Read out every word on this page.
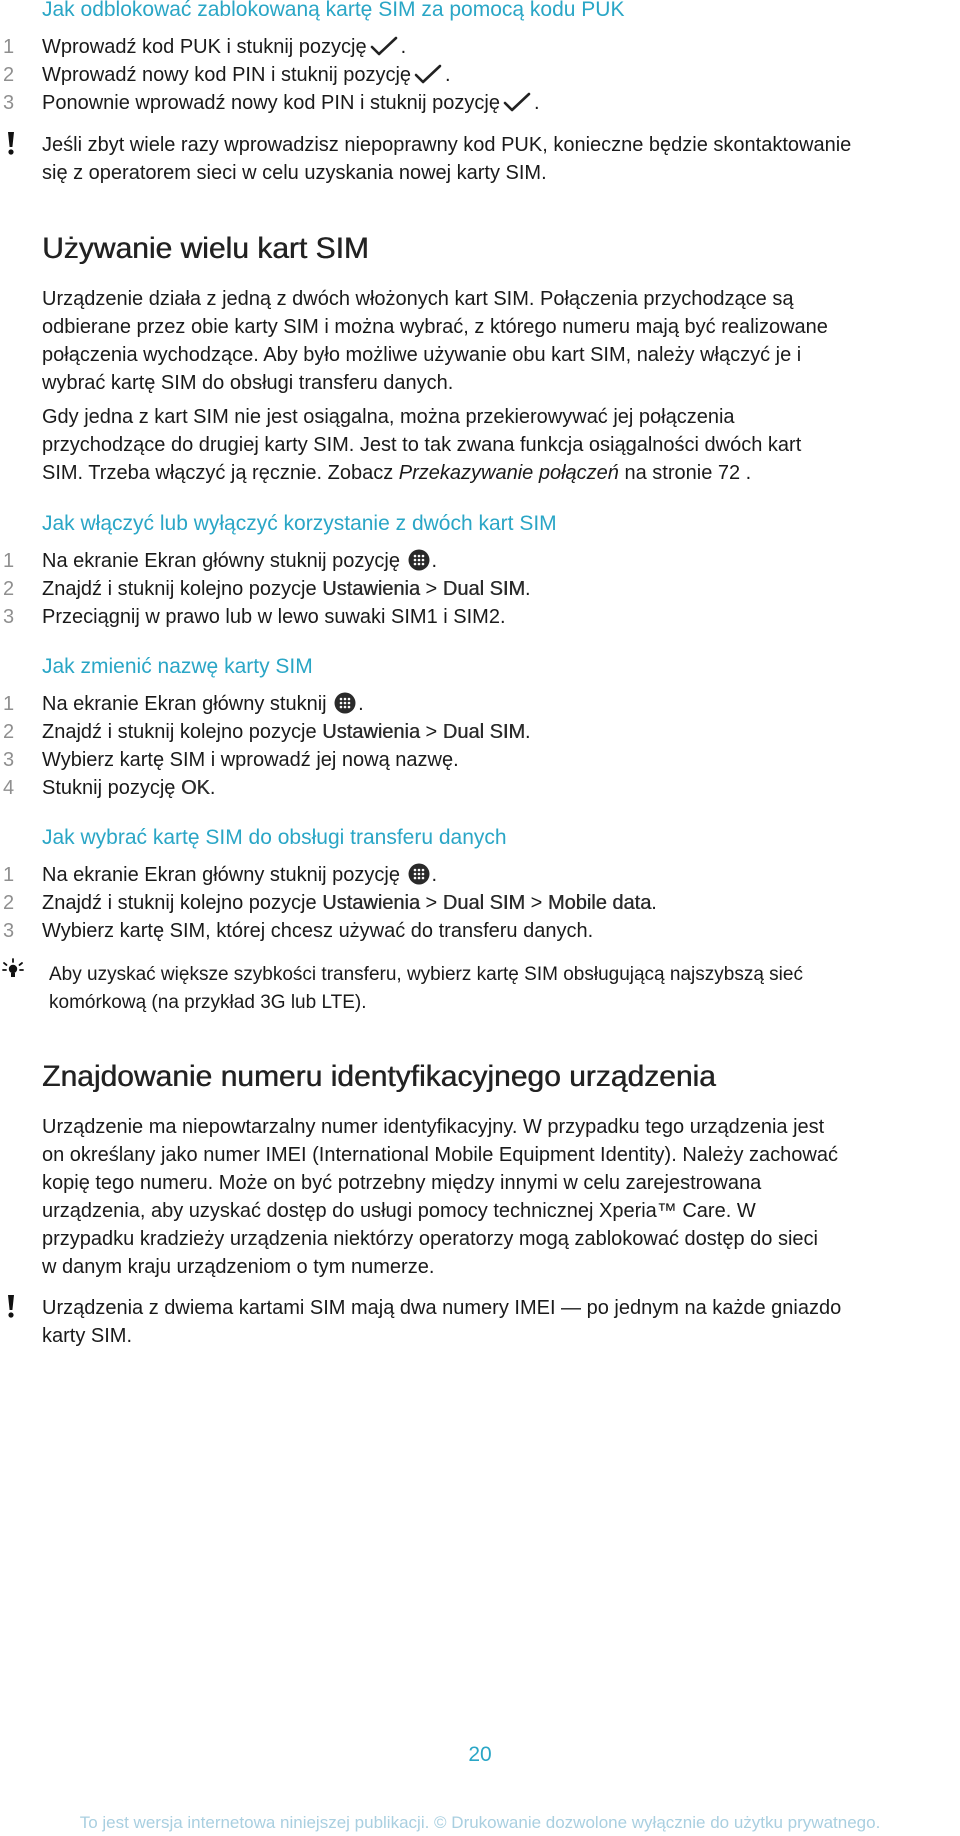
Jak odblokować zablokowaną kartę SIM za pomocą kodu PUK
1 Wprowadź kod PUK i stuknij pozycję .
2 Wprowadź nowy kod PIN i stuknij pozycję .
3 Ponownie wprowadź nowy kod PIN i stuknij pozycję .
Jeśli zbyt wiele razy wprowadzisz niepoprawny kod PUK, konieczne będzie skontaktowanie
się z operatorem sieci w celu uzyskania nowej karty SIM.
Używanie wielu kart SIM
Urządzenie działa z jedną z dwóch włożonych kart SIM. Połączenia przychodzące są
odbierane przez obie karty SIM i można wybrać, z którego numeru mają być realizowane
połączenia wychodzące. Aby było możliwe używanie obu kart SIM, należy włączyć je i
wybrać kartę SIM do obsługi transferu danych.
Gdy jedna z kart SIM nie jest osiągalna, można przekierowywać jej połączenia
przychodzące do drugiej karty SIM. Jest to tak zwana funkcja osiągalności dwóch kart
SIM. Trzeba włączyć ją ręcznie. Zobacz Przekazywanie połączeń na stronie 72 .
Jak włączyć lub wyłączyć korzystanie z dwóch kart SIM
1 Na ekranie Ekran główny stuknij pozycję .
2 Znajdź i stuknij kolejno pozycje Ustawienia > Dual SIM.
3 Przeciągnij w prawo lub w lewo suwaki SIM1 i SIM2.
Jak zmienić nazwę karty SIM
1 Na ekranie Ekran główny stuknij .
2 Znajdź i stuknij kolejno pozycje Ustawienia > Dual SIM.
3 Wybierz kartę SIM i wprowadź jej nową nazwę.
4 Stuknij pozycję OK.
Jak wybrać kartę SIM do obsługi transferu danych
1 Na ekranie Ekran główny stuknij pozycję .
2 Znajdź i stuknij kolejno pozycje Ustawienia > Dual SIM > Mobile data.
3 Wybierz kartę SIM, której chcesz używać do transferu danych.
Aby uzyskać większe szybkości transferu, wybierz kartę SIM obsługującą najszybszą sieć
komórkową (na przykład 3G lub LTE).
Znajdowanie numeru identyfikacyjnego urządzenia
Urządzenie ma niepowtarzalny numer identyfikacyjny. W przypadku tego urządzenia jest
on określany jako numer IMEI (International Mobile Equipment Identity). Należy zachować
kopię tego numeru. Może on być potrzebny między innymi w celu zarejestrowana
urządzenia, aby uzyskać dostęp do usługi pomocy technicznej Xperia™ Care. W
przypadku kradzieży urządzenia niektórzy operatorzy mogą zablokować dostęp do sieci
w danym kraju urządzeniom o tym numerze.
Urządzenia z dwiema kartami SIM mają dwa numery IMEI — po jednym na każde gniazdo
karty SIM.
20
To jest wersja internetowa niniejszej publikacji. © Drukowanie dozwolone wyłącznie do użytku prywatnego.
